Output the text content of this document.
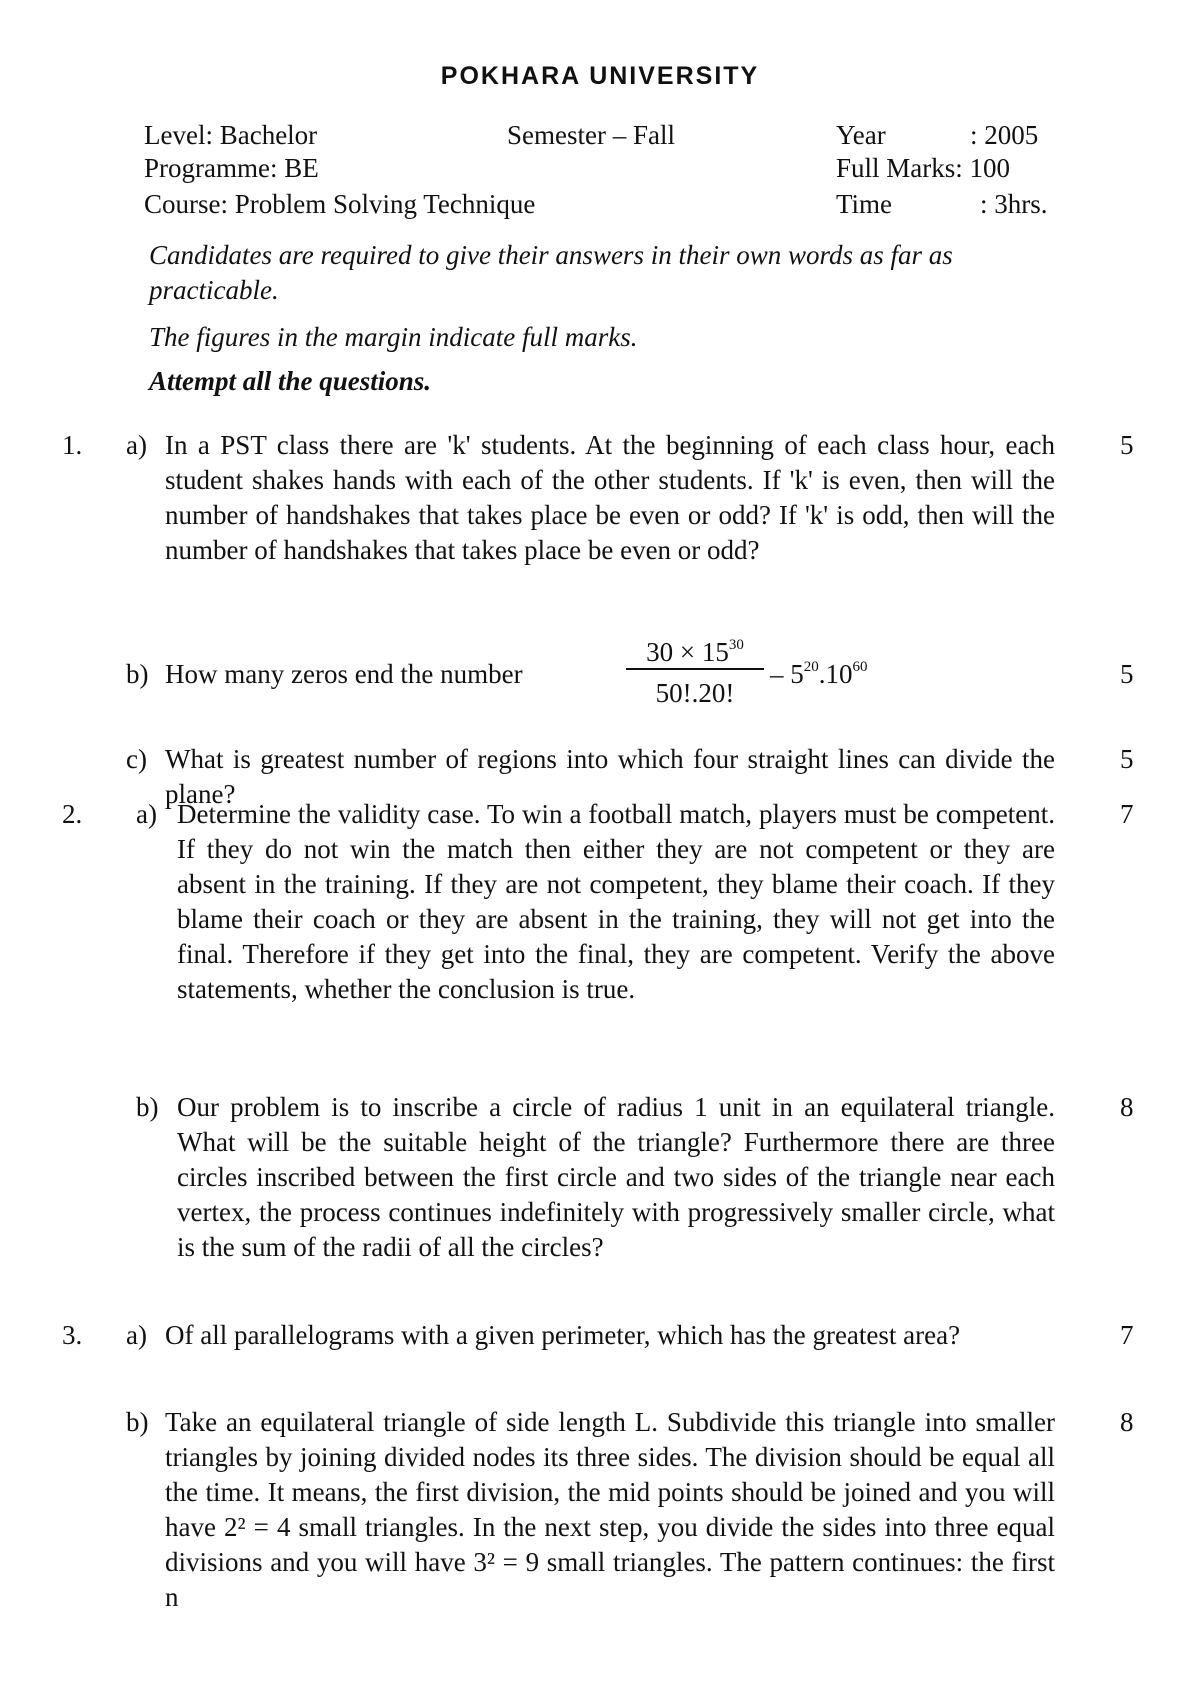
POKHARA UNIVERSITY
Level: Bachelor	Semester – Fall	Year	: 2005
Programme: BE	Full Marks: 100
Course: Problem Solving Technique	Time	: 3hrs.
Candidates are required to give their answers in their own words as far as practicable.
The figures in the margin indicate full marks.
Attempt all the questions.
1. a) In a PST class there are 'k' students. At the beginning of each class hour, each student shakes hands with each of the other students. If 'k' is even, then will the number of handshakes that takes place be even or odd? If 'k' is odd, then will the number of handshakes that takes place be even or odd?
5
b) How many zeros end the number	$\frac{30 \times 15^{30}}{50!.20!} - 5^{20}.10^{60}$	5
c) What is greatest number of regions into which four straight lines can divide the plane?
5
2. a) Determine the validity case. To win a football match, players must be competent. If they do not win the match then either they are not competent or they are absent in the training. If they are not competent, they blame their coach. If they blame their coach or they are absent in the training, they will not get into the final. Therefore if they get into the final, they are competent. Verify the above statements, whether the conclusion is true.
7
b) Our problem is to inscribe a circle of radius 1 unit in an equilateral triangle. What will be the suitable height of the triangle? Furthermore there are three circles inscribed between the first circle and two sides of the triangle near each vertex, the process continues indefinitely with progressively smaller circle, what is the sum of the radii of all the circles?
8
3. a) Of all parallelograms with a given perimeter, which has the greatest area?	7
b) Take an equilateral triangle of side length L. Subdivide this triangle into smaller triangles by joining divided nodes its three sides. The division should be equal all the time. It means, the first division, the mid points should be joined and you will have 2² = 4 small triangles. In the next step, you divide the sides into three equal divisions and you will have 3² = 9 small triangles. The pattern continues: the first n
8
